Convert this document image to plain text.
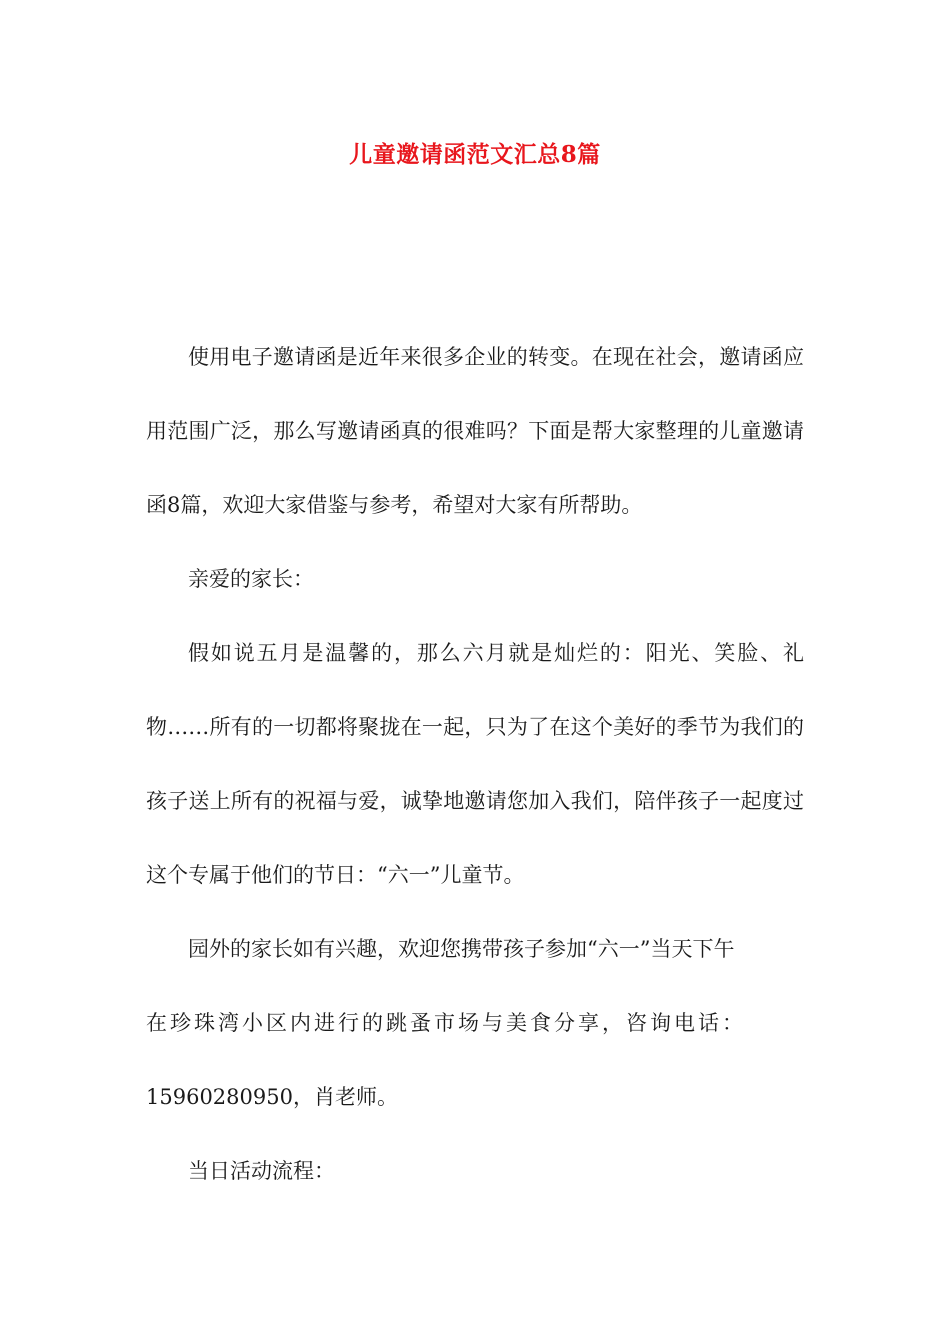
儿童邀请函范文汇总8篇

使用电子邀请函是近年来很多企业的转变。在现在社会，邀请函应用范围广泛，那么写邀请函真的很难吗？下面是帮大家整理的儿童邀请函8篇，欢迎大家借鉴与参考，希望对大家有所帮助。

亲爱的家长：

假如说五月是温馨的，那么六月就是灿烂的：阳光、笑脸、礼物……所有的一切都将聚拢在一起，只为了在这个美好的季节为我们的孩子送上所有的祝福与爱，诚挚地邀请您加入我们，陪伴孩子一起度过这个专属于他们的节日：“六一”儿童节。

园外的家长如有兴趣，欢迎您携带孩子参加“六一”当天下午

在珍珠湾小区内进行的跳蚤市场与美食分享，咨询电话：

15960280950，肖老师。

当日活动流程：
